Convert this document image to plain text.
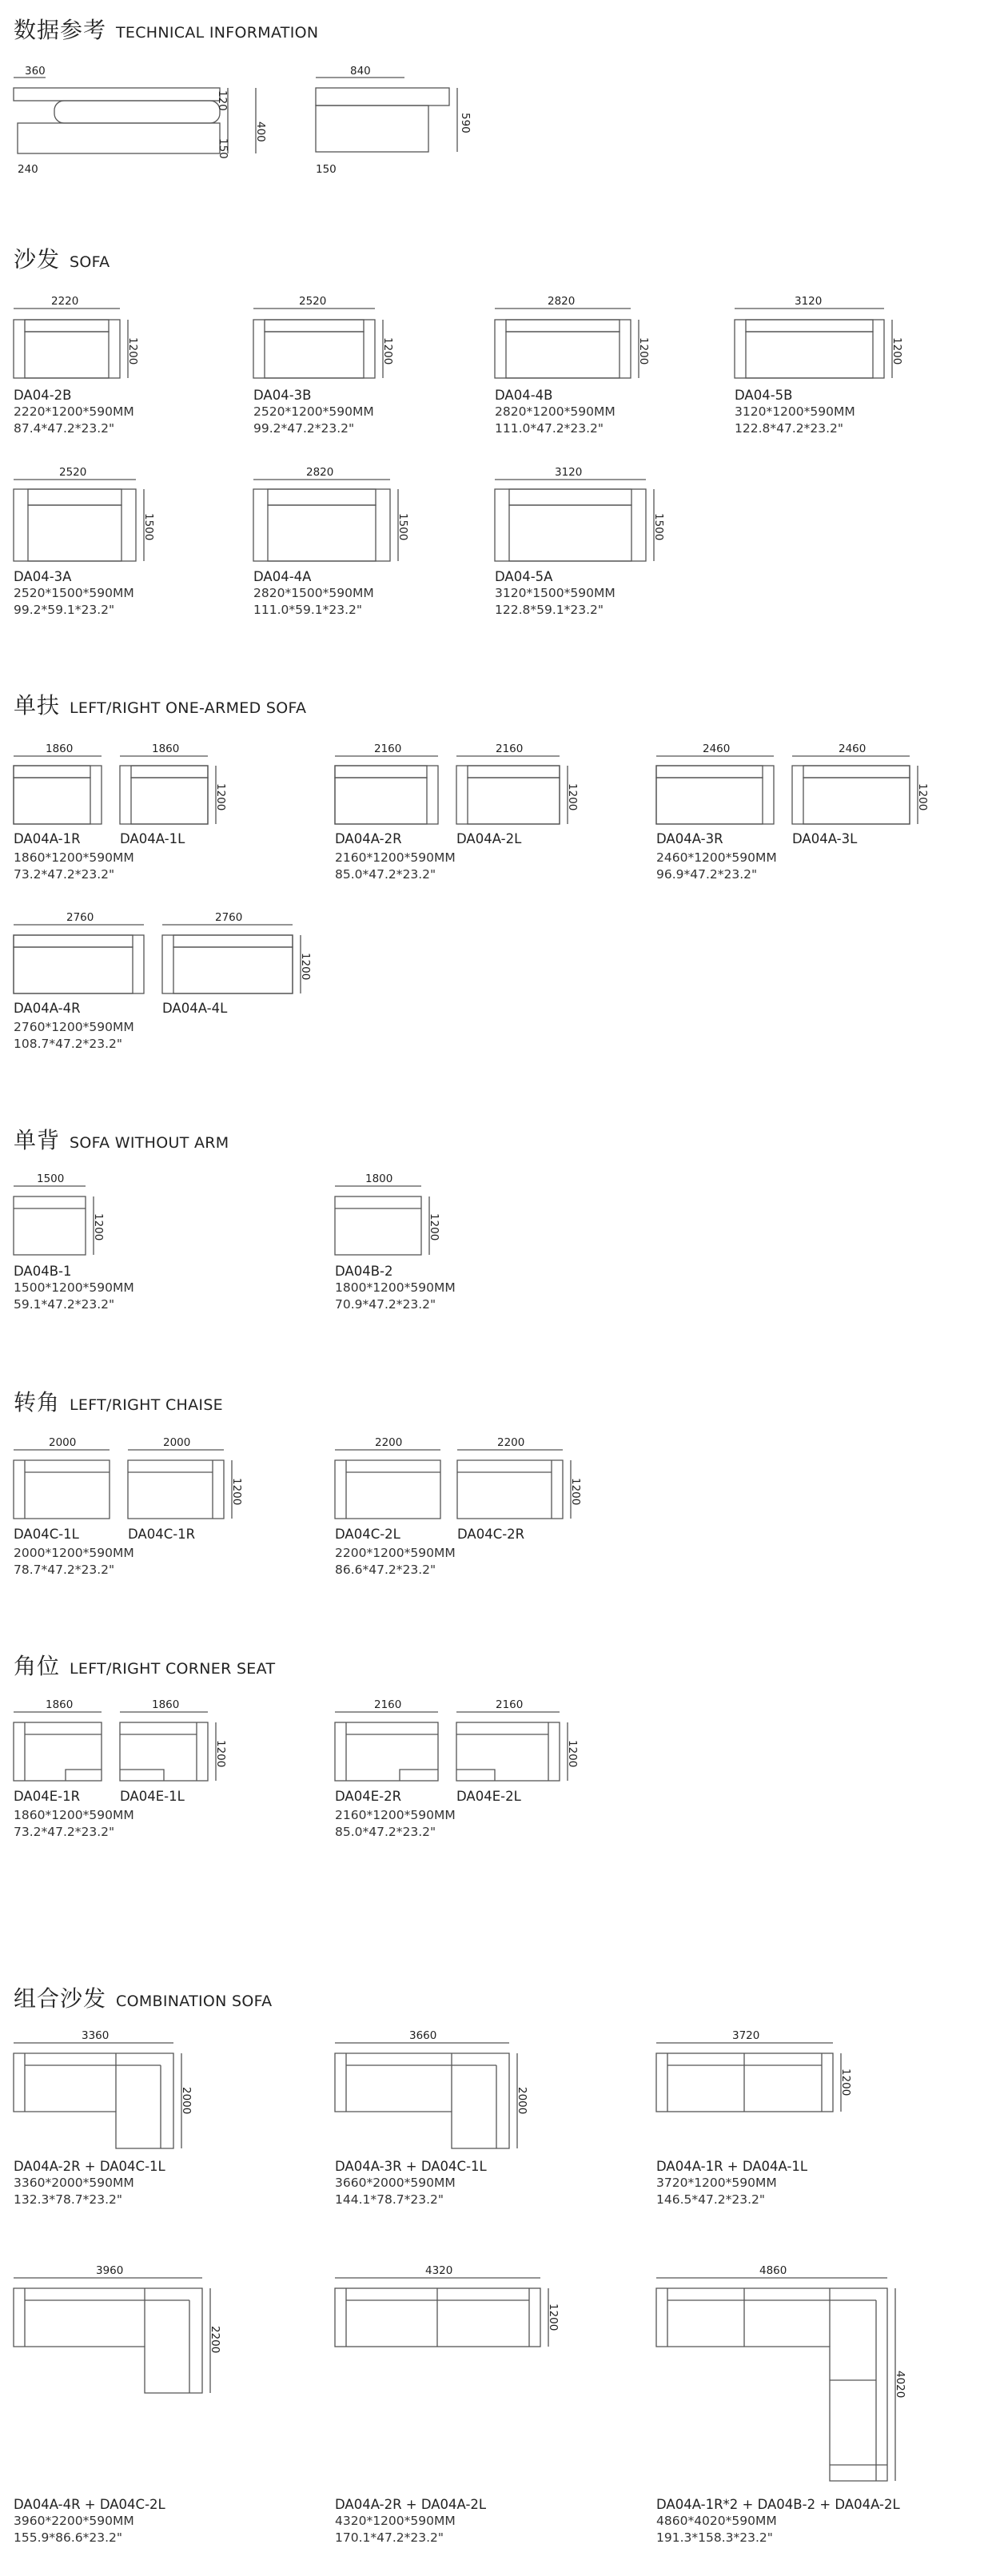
数据参考 TECHNICAL INFORMATION
沙发 SOFA
单扶 LEFT/RIGHT ONE-ARMED SOFA
单背 SOFA WITHOUT ARM
转角 LEFT/RIGHT CHAISE
角位 LEFT/RIGHT CORNER SEAT
组合沙发 COMBINATION SOFA
360
120
150
400
240
840
590
150
DA04-2B
2220*1200*590MM
87.4*47.2*23.2"
DA04-3B
2520*1200*590MM
99.2*47.2*23.2"
DA04-4B
2820*1200*590MM
111.0*47.2*23.2"
DA04-5B
3120*1200*590MM
122.8*47.2*23.2"
DA04-3A
2520*1500*590MM
99.2*59.1*23.2"
DA04-4A
2820*1500*590MM
111.0*59.1*23.2"
DA04-5A
3120*1500*590MM
122.8*59.1*23.2"
DA04A-1R	DA04A-1L
1860*1200*590MM
73.2*47.2*23.2"
DA04A-2R	DA04A-2L
2160*1200*590MM
85.0*47.2*23.2"
DA04A-3R	DA04A-3L
2460*1200*590MM
96.9*47.2*23.2"
DA04A-4R	DA04A-4L
2760*1200*590MM
108.7*47.2*23.2"
DA04B-1
1500*1200*590MM
59.1*47.2*23.2"
DA04B-2
1800*1200*590MM
70.9*47.2*23.2"
DA04C-1L	DA04C-1R
2000*1200*590MM
78.7*47.2*23.2"
DA04C-2L	DA04C-2R
2200*1200*590MM
86.6*47.2*23.2"
DA04E-1R	DA04E-1L
1860*1200*590MM
73.2*47.2*23.2"
DA04E-2R	DA04E-2L
2160*1200*590MM
85.0*47.2*23.2"
DA04A-2R + DA04C-1L
3360*2000*590MM
132.3*78.7*23.2"
DA04A-3R + DA04C-1L
3660*2000*590MM
144.1*78.7*23.2"
DA04A-1R + DA04A-1L
3720*1200*590MM
146.5*47.2*23.2"
DA04A-4R + DA04C-2L
3960*2200*590MM
155.9*86.6*23.2"
DA04A-2R + DA04A-2L
4320*1200*590MM
170.1*47.2*23.2"
DA04A-1R*2 + DA04B-2 + DA04A-2L
4860*4020*590MM
191.3*158.3*23.2"
2220
1200
2520
1200
2820
1200
3120
1200
2520
1500
2820
1500
3120
1500
1860	1860
1200
2160	2160
1200
2460	2460
1200
2760	2760
1200
1500
1200
1800
1200
2000	2000
1200
2200	2200
1200
1860	1860
1200
2160	2160
1200
3360
2000
3660
2000
3720
1200
3960
2200
4320
1200
4860
4020
